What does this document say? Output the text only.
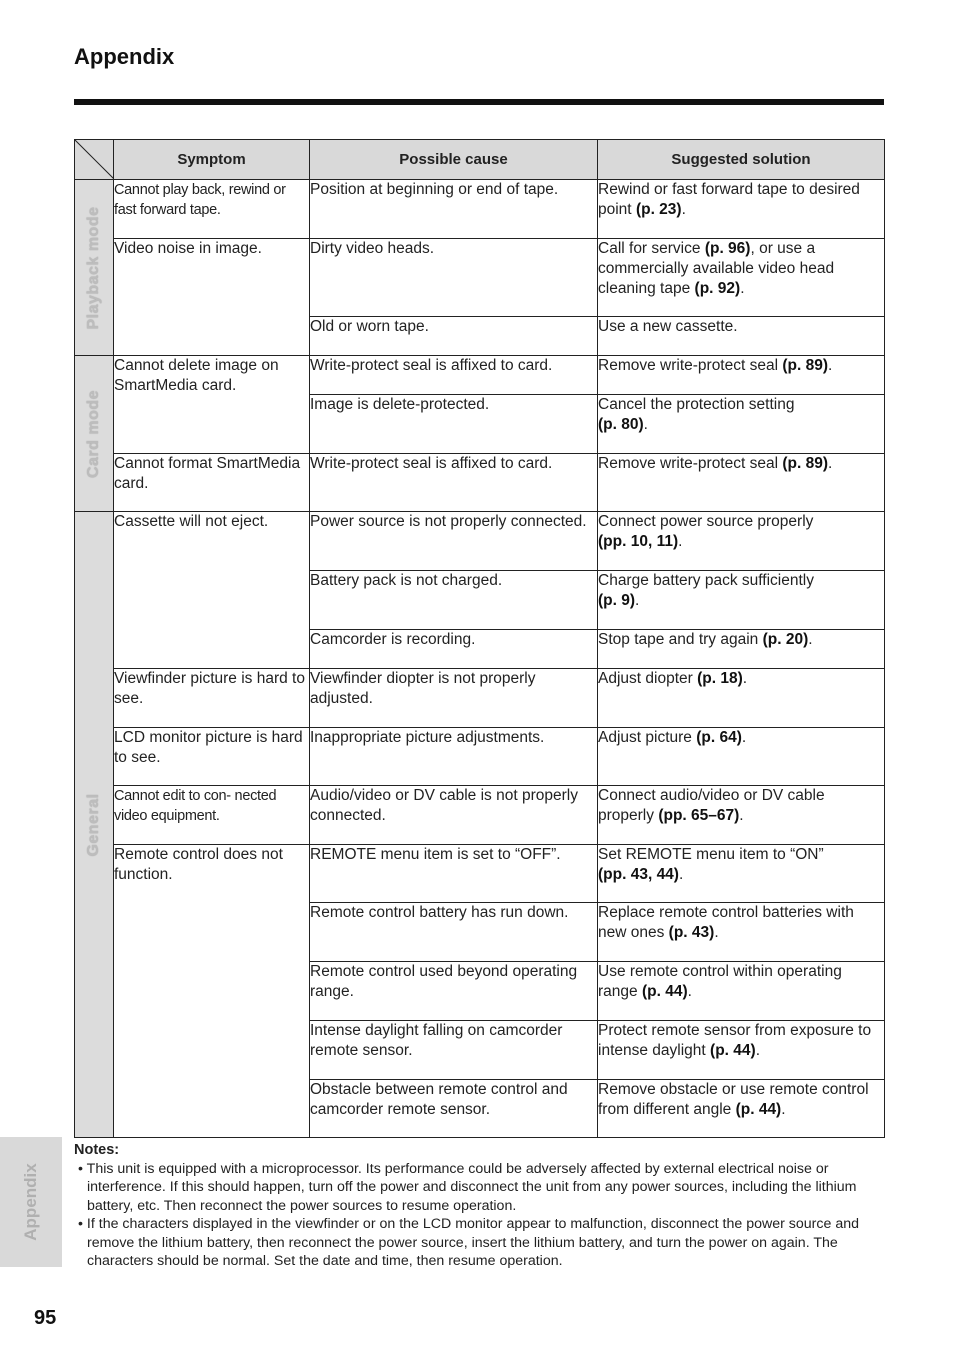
Appendix
	Symptom	Possible cause	Suggested solution

Playback mode	Cannot play back, rewind or fast forward tape.	Position at beginning or end of tape.	Rewind or fast forward tape to desired point (p. 23).
	Video noise in image.	Dirty video heads.	Call for service (p. 96), or use a commercially available video head cleaning tape (p. 92).
		Old or worn tape.	Use a new cassette.

Card mode	Cannot delete image on SmartMedia card.	Write-protect seal is affixed to card.	Remove write-protect seal (p. 89).
		Image is delete-protected.	Cancel the protection setting
(p. 80).
	Cannot format SmartMedia card.	Write-protect seal is affixed to card.	Remove write-protect seal (p. 89).

General	Cassette will not eject.	Power source is not properly connected.	Connect power source properly
(pp. 10, 11).
		Battery pack is not charged.	Charge battery pack sufficiently
(p. 9).
		Camcorder is recording.	Stop tape and try again (p. 20).
	Viewfinder picture is hard to see.	Viewfinder diopter is not properly adjusted.	Adjust diopter (p. 18).
	LCD monitor picture is hard to see.	Inappropriate picture adjustments.	Adjust picture (p. 64).
	Cannot edit to con- nected video equipment.	Audio/video or DV cable is not properly connected.	Connect audio/video or DV cable properly (pp. 65–67).
	Remote control does not function.	REMOTE menu item is set to “OFF”.	Set REMOTE menu item to “ON”
(pp. 43, 44).
		Remote control battery has run down.	Replace remote control batteries with new ones (p. 43).
		Remote control used beyond operating range.	Use remote control within operating range (p. 44).
		Intense daylight falling on camcorder remote sensor.	Protect remote sensor from exposure to intense daylight (p. 44).
		Obstacle between remote control and camcorder remote sensor.	Remove obstacle or use remote control from different angle (p. 44).
Appendix
Notes:
• This unit is equipped with a microprocessor. Its performance could be adversely affected by external electrical noise or interference. If this should happen, turn off the power and disconnect the unit from any power sources, including the lithium battery, etc. Then reconnect the power sources to resume operation.
• If the characters displayed in the viewfinder or on the LCD monitor appear to malfunction, disconnect the power source and remove the lithium battery, then reconnect the power source, insert the lithium battery, and turn the power on again. The characters should be normal. Set the date and time, then resume operation.
95
